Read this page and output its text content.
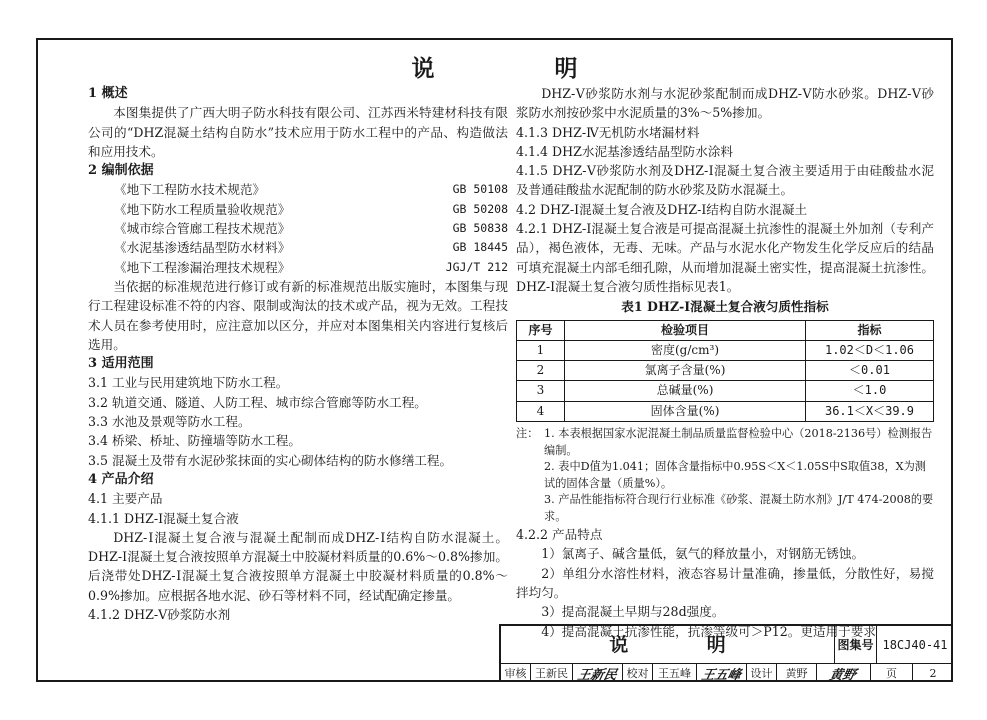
说 明
1 概述
本图集提供了广西大明子防水科技有限公司、江苏西米特建材科技有限公司的“DHZ混凝土结构自防水”技术应用于防水工程中的产品、构造做法和应用技术。
2 编制依据
《地下工程防水技术规范》	GB 50108
《地下防水工程质量验收规范》	GB 50208
《城市综合管廊工程技术规范》	GB 50838
《水泥基渗透结晶型防水材料》	GB 18445
《地下工程渗漏治理技术规程》	JGJ/T 212
当依据的标准规范进行修订或有新的标准规范出版实施时，本图集与现行工程建设标准不符的内容、限制或淘汰的技术或产品，视为无效。工程技术人员在参考使用时，应注意加以区分，并应对本图集相关内容进行复核后选用。
3 适用范围
3.1 工业与民用建筑地下防水工程。
3.2 轨道交通、隧道、人防工程、城市综合管廊等防水工程。
3.3 水池及景观等防水工程。
3.4 桥梁、桥址、防撞墙等防水工程。
3.5 混凝土及带有水泥砂浆抹面的实心砌体结构的防水修缮工程。
4 产品介绍
4.1 主要产品
4.1.1 DHZ-Ⅰ混凝土复合液
DHZ-Ⅰ混凝土复合液与混凝土配制而成DHZ-Ⅰ结构自防水混凝土。DHZ-Ⅰ混凝土复合液按照单方混凝土中胶凝材料质量的0.6%～0.8%掺加。后浇带处DHZ-Ⅰ混凝土复合液按照单方混凝土中胶凝材料质量的0.8%～0.9%掺加。应根据各地水泥、砂石等材料不同，经试配确定掺量。
4.1.2 DHZ-Ⅴ砂浆防水剂
DHZ-Ⅴ砂浆防水剂与水泥砂浆配制而成DHZ-Ⅴ防水砂浆。DHZ-Ⅴ砂浆防水剂按砂浆中水泥质量的3%～5%掺加。
4.1.3 DHZ-Ⅳ无机防水堵漏材料
4.1.4 DHZ水泥基渗透结晶型防水涂料
4.1.5 DHZ-Ⅴ砂浆防水剂及DHZ-Ⅰ混凝土复合液主要适用于由硅酸盐水泥及普通硅酸盐水泥配制的防水砂浆及防水混凝土。
4.2 DHZ-Ⅰ混凝土复合液及DHZ-Ⅰ结构自防水混凝土
4.2.1 DHZ-Ⅰ混凝土复合液是可提高混凝土抗渗性的混凝土外加剂（专利产品），褐色液体，无毒、无味。产品与水泥水化产物发生化学反应后的结晶可填充混凝土内部毛细孔隙，从而增加混凝土密实性，提高混凝土抗渗性。DHZ-Ⅰ混凝土复合液匀质性指标见表1。
表1 DHZ-Ⅰ混凝土复合液匀质性指标
序号	检验项目	指标
1	密度(g/cm³)	1.02＜D＜1.06
2	氯离子含量(%)	＜0.01
3	总碱量(%)	＜1.0
4	固体含量(%)	36.1＜X＜39.9
注： 1. 本表根据国家水泥混凝土制品质量监督检验中心（2018-2136号）检测报告编制。
2. 表中D值为1.041；固体含量指标中0.95S＜X＜1.05S中S取值38，X为测试的固体含量（质量%）。
3. 产品性能指标符合现行行业标准《砂浆、混凝土防水剂》J/T 474-2008的要求。
4.2.2 产品特点
1）氯离子、碱含量低，氨气的释放量小，对钢筋无锈蚀。
2）单组分水溶性材料，液态容易计量准确，掺量低，分散性好，易搅拌均匀。
3）提高混凝土早期与28d强度。
4）提高混凝土抗渗性能，抗渗等级可＞P12。更适用于要求
说 明	图集号 18CJ40-41
审核 王新民 王新民 校对 王五峰 王五峰 设计	黄野	黄野	页	2
